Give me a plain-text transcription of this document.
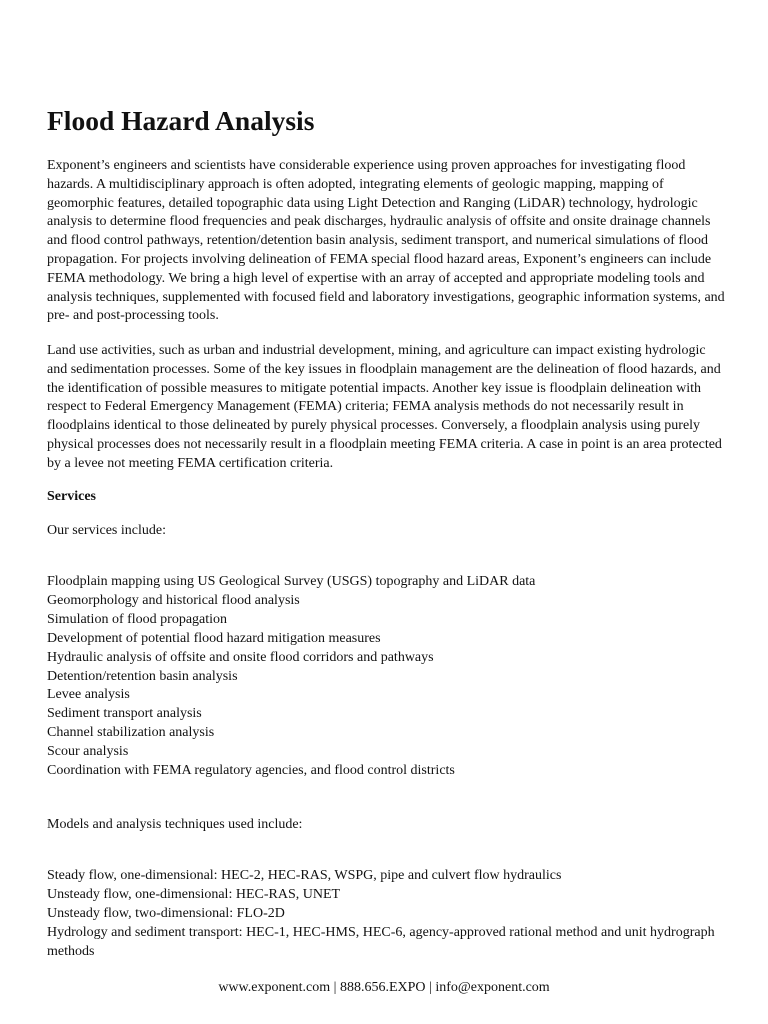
Flood Hazard Analysis

Exponent’s engineers and scientists have considerable experience using proven approaches for investigating flood hazards. A multidisciplinary approach is often adopted, integrating elements of geologic mapping, mapping of geomorphic features, detailed topographic data using Light Detection and Ranging (LiDAR) technology, hydrologic analysis to determine flood frequencies and peak discharges, hydraulic analysis of offsite and onsite drainage channels and flood control pathways, retention/detention basin analysis, sediment transport, and numerical simulations of flood propagation. For projects involving delineation of FEMA special flood hazard areas, Exponent’s engineers can include FEMA methodology. We bring a high level of expertise with an array of accepted and appropriate modeling tools and analysis techniques, supplemented with focused field and laboratory investigations, geographic information systems, and pre- and post-processing tools.

Land use activities, such as urban and industrial development, mining, and agriculture can impact existing hydrologic and sedimentation processes. Some of the key issues in floodplain management are the delineation of flood hazards, and the identification of possible measures to mitigate potential impacts. Another key issue is floodplain delineation with respect to Federal Emergency Management (FEMA) criteria; FEMA analysis methods do not necessarily result in floodplains identical to those delineated by purely physical processes. Conversely, a floodplain analysis using purely physical processes does not necessarily result in a floodplain meeting FEMA criteria. A case in point is an area protected by a levee not meeting FEMA certification criteria.

Services

Our services include:

Floodplain mapping using US Geological Survey (USGS) topography and LiDAR data
Geomorphology and historical flood analysis
Simulation of flood propagation
Development of potential flood hazard mitigation measures
Hydraulic analysis of offsite and onsite flood corridors and pathways
Detention/retention basin analysis
Levee analysis
Sediment transport analysis
Channel stabilization analysis
Scour analysis
Coordination with FEMA regulatory agencies, and flood control districts

Models and analysis techniques used include:

Steady flow, one-dimensional: HEC-2, HEC-RAS, WSPG, pipe and culvert flow hydraulics
Unsteady flow, one-dimensional: HEC-RAS, UNET
Unsteady flow, two-dimensional: FLO-2D
Hydrology and sediment transport: HEC-1, HEC-HMS, HEC-6, agency-approved rational method and unit hydrograph methods

www.exponent.com | 888.656.EXPO | info@exponent.com
